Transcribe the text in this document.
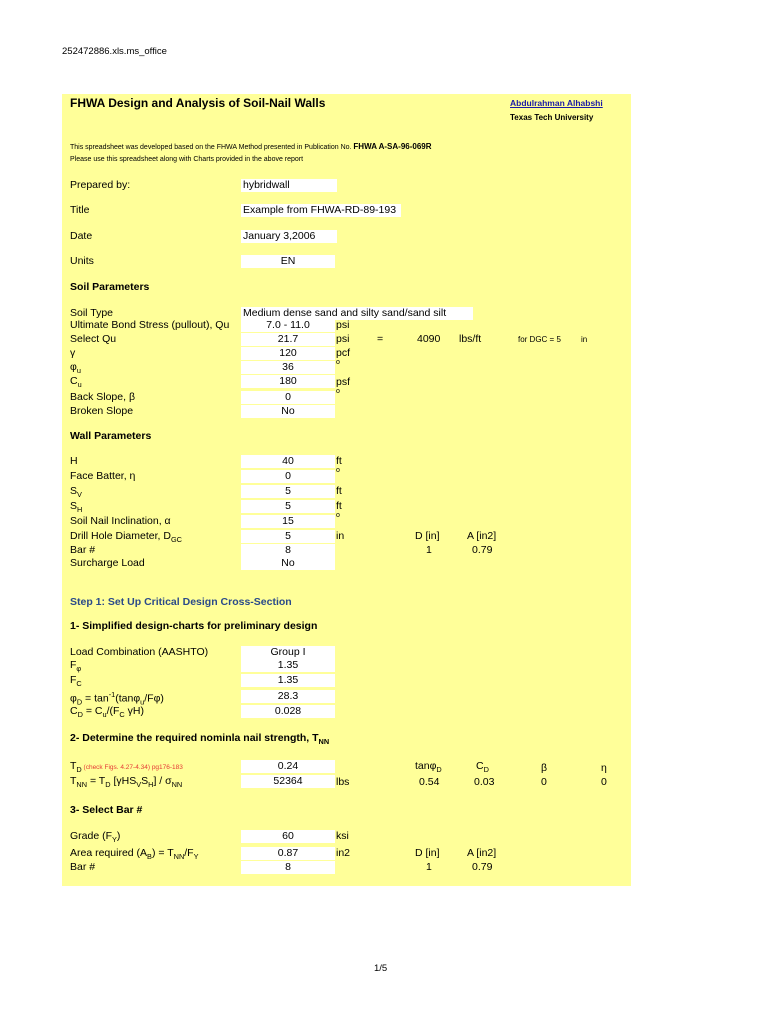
252472886.xls.ms_office
FHWA Design and Analysis of Soil-Nail Walls	Abdulrahman Alhabshi
Texas Tech University
This spreadsheet was developed based on the FHWA Method presented in Publication No. FHWA A-SA-96-069R
Please use this spreadsheet along with Charts provided in the above report
Prepared by:	hybridwall
Title	Example from FHWA-RD-89-193
Date	January 3,2006
Units	EN
Soil Parameters
Soil Type	Medium dense sand and silty sand/sand silt
Ultimate Bond Stress (pullout), Qu	7.0 - 11.0	psi
Select Qu	21.7	psi	=	4090 lbs/ft	for DGC = 5	in
γ	120	pcf
$\varphi_u$	36	o
$C_u$	180	psf
Back Slope, β	0	o
Broken Slope	No
Wall Parameters
H	40	ft
Face Batter, η	0	o
$S_V$	5	ft
$S_H$	5	ft
Soil Nail Inclination, α	15	o
Drill Hole Diameter, $D_{GC}$	5	in	D [in]	A [in2]
Bar #	8	1	0.79
Surcharge Load	No
Step 1: Set Up Critical Design Cross-Section
1- Simplified design-charts for preliminary design
Load Combination (AASHTO)	Group I
$F_\varphi$	1.35
$F_C$	1.35
$\varphi_D = \tan^{-1}(\tan\varphi_u/F\varphi)$	28.3
$C_D = C_u/(F_C$ γH)	0.028
2- Determine the required nominla nail strength, $T_{NN}$
$T_D$ (check Figs. 4.27-4.34) pg176-183	0.24	tanφ$_D$	$C_D$	β	η
$T_{NN} = T_D$ $[\gamma HS_VS_H] / \sigma_{NN}$	52364	lbs	0.54	0.03	0	0
3- Select Bar #
Grade $(F_Y)$	60	ksi
Area required $(A_B) = T_{NN}/F_Y$	0.87	in2	D [in]	A [in2]
Bar #	8	1	0.79
1/5
